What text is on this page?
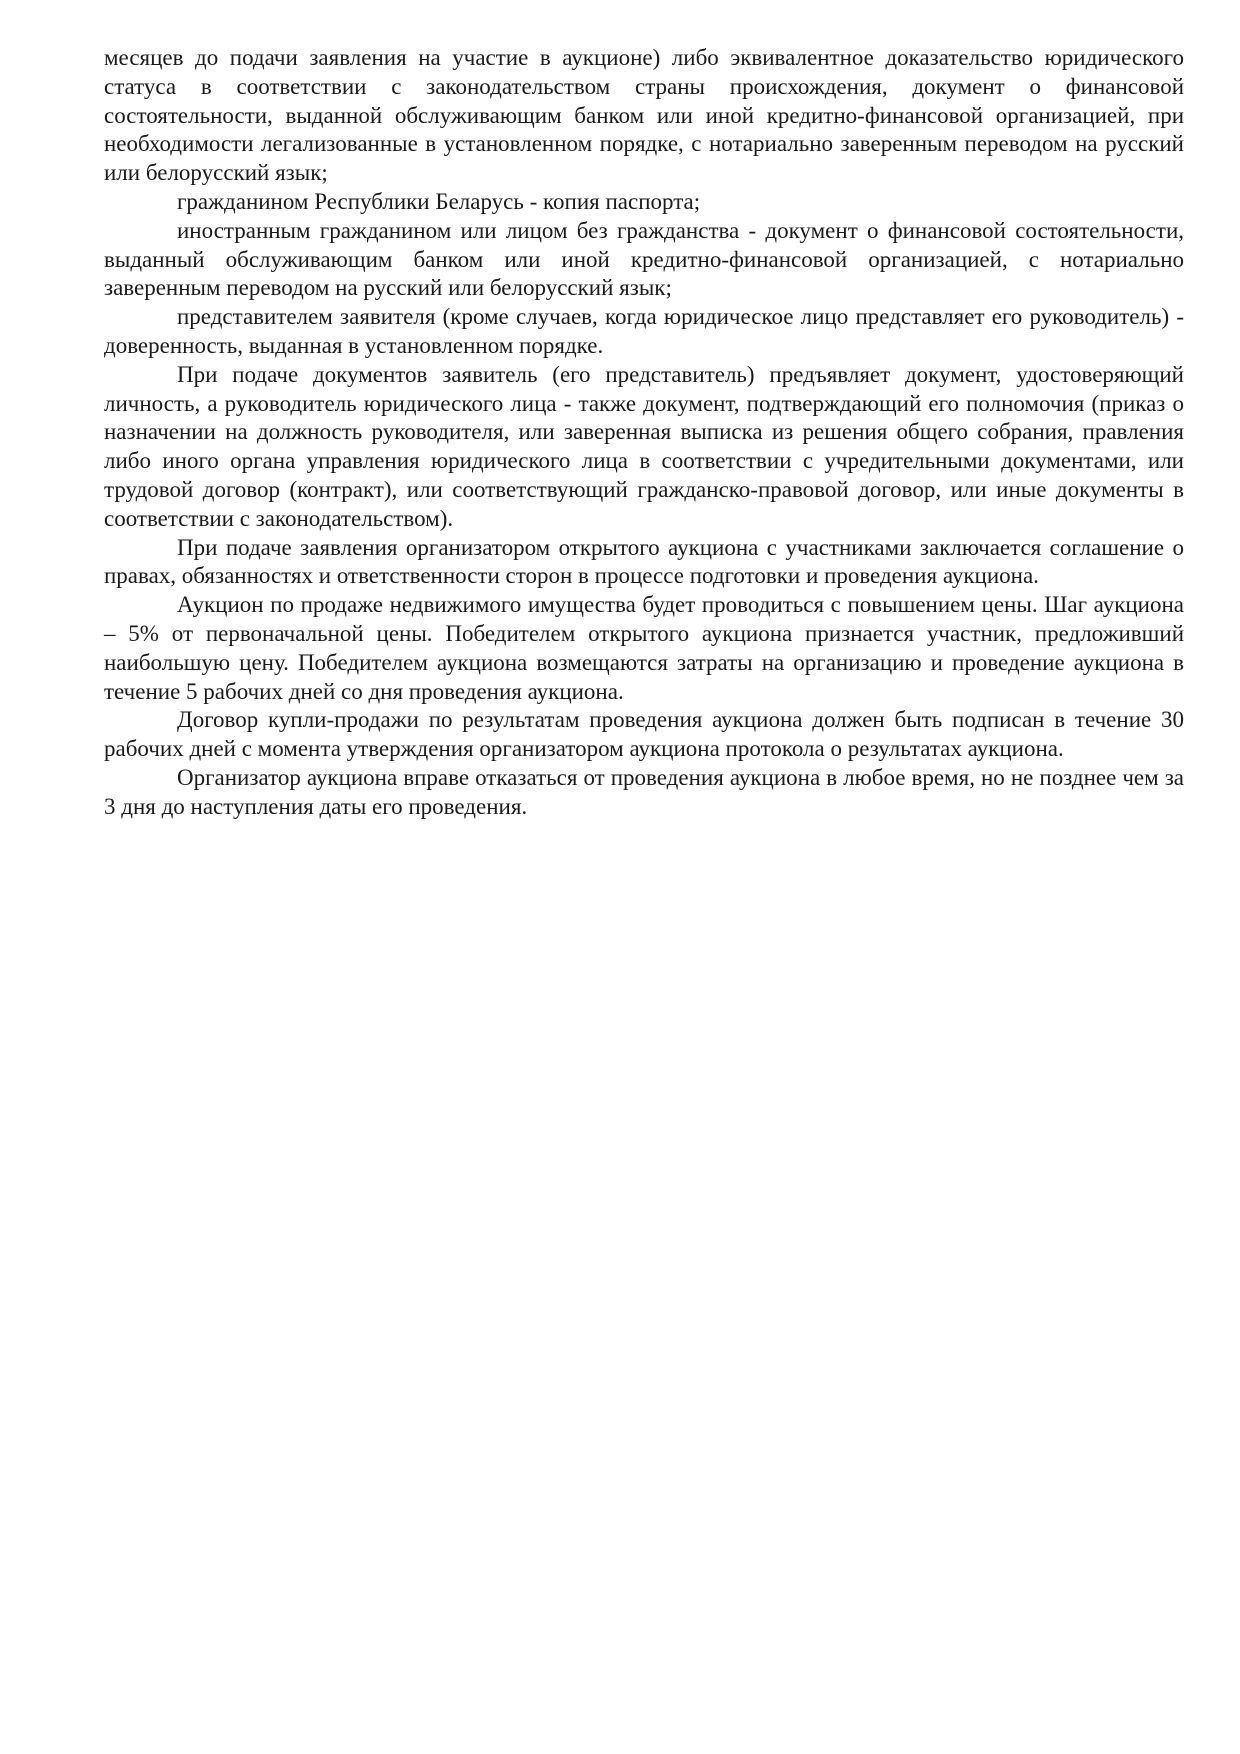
месяцев до подачи заявления на участие в аукционе) либо эквивалентное доказательство юридического статуса в соответствии с законодательством страны происхождения, документ о финансовой состоятельности, выданной обслуживающим банком или иной кредитно-финансовой организацией, при необходимости легализованные в установленном порядке, с нотариально заверенным переводом на русский или белорусский язык;

гражданином Республики Беларусь - копия паспорта;

иностранным гражданином или лицом без гражданства - документ о финансовой состоятельности, выданный обслуживающим банком или иной кредитно-финансовой организацией, с нотариально заверенным переводом на русский или белорусский язык;

представителем заявителя (кроме случаев, когда юридическое лицо представляет его руководитель) - доверенность, выданная в установленном порядке.

При подаче документов заявитель (его представитель) предъявляет документ, удостоверяющий личность, а руководитель юридического лица - также документ, подтверждающий его полномочия (приказ о назначении на должность руководителя, или заверенная выписка из решения общего собрания, правления либо иного органа управления юридического лица в соответствии с учредительными документами, или трудовой договор (контракт), или соответствующий гражданско-правовой договор, или иные документы в соответствии с законодательством).

При подаче заявления организатором открытого аукциона с участниками заключается соглашение о правах, обязанностях и ответственности сторон в процессе подготовки и проведения аукциона.

Аукцион по продаже недвижимого имущества будет проводиться с повышением цены. Шаг аукциона – 5% от первоначальной цены. Победителем открытого аукциона признается участник, предложивший наибольшую цену. Победителем аукциона возмещаются затраты на организацию и проведение аукциона в течение 5 рабочих дней со дня проведения аукциона.

Договор купли-продажи по результатам проведения аукциона должен быть подписан в течение 30 рабочих дней с момента утверждения организатором аукциона протокола о результатах аукциона.

Организатор аукциона вправе отказаться от проведения аукциона в любое время, но не позднее чем за 3 дня до наступления даты его проведения.
